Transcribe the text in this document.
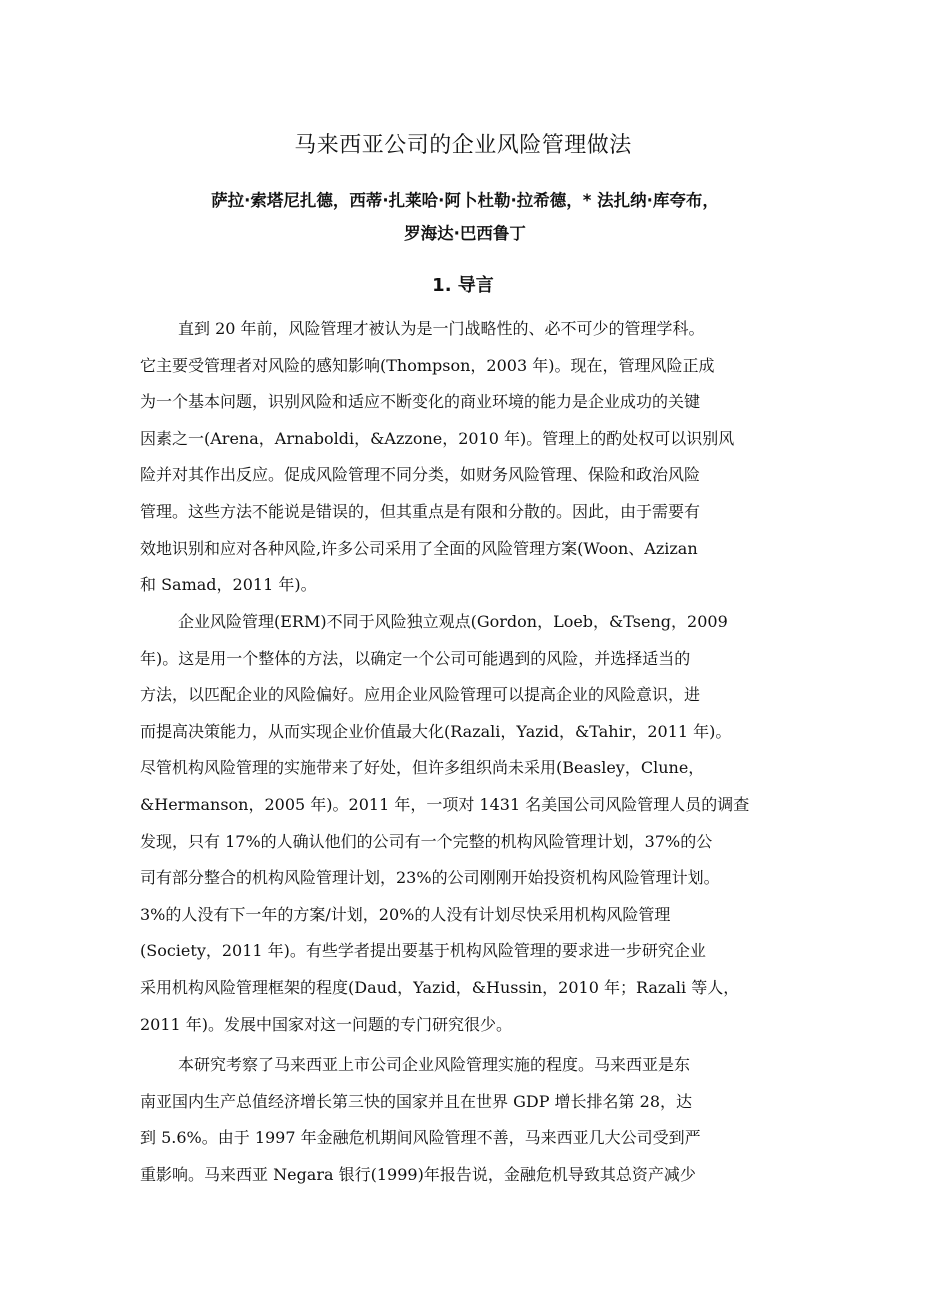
马来西亚公司的企业风险管理做法
萨拉·索塔尼扎德，西蒂·扎莱哈·阿卜杜勒·拉希德，* 法扎纳·库夸布，
罗海达·巴西鲁丁
1. 导言
直到 20 年前，风险管理才被认为是一门战略性的、必不可少的管理学科。
它主要受管理者对风险的感知影响(Thompson，2003 年)。现在，管理风险正成
为一个基本问题，识别风险和适应不断变化的商业环境的能力是企业成功的关键
因素之一(Arena，Arnaboldi，&Azzone，2010 年)。管理上的酌处权可以识别风
险并对其作出反应。促成风险管理不同分类，如财务风险管理、保险和政治风险
管理。这些方法不能说是错误的，但其重点是有限和分散的。因此，由于需要有
效地识别和应对各种风险,许多公司采用了全面的风险管理方案(Woon、Azizan
和 Samad，2011 年)。
企业风险管理(ERM)不同于风险独立观点(Gordon，Loeb，&Tseng，2009
年)。这是用一个整体的方法，以确定一个公司可能遇到的风险，并选择适当的
方法，以匹配企业的风险偏好。应用企业风险管理可以提高企业的风险意识，进
而提高决策能力，从而实现企业价值最大化(Razali，Yazid，&Tahir，2011 年)。
尽管机构风险管理的实施带来了好处，但许多组织尚未采用(Beasley，Clune，
&Hermanson，2005 年)。2011 年，一项对 1431 名美国公司风险管理人员的调查
发现，只有 17%的人确认他们的公司有一个完整的机构风险管理计划，37%的公
司有部分整合的机构风险管理计划，23%的公司刚刚开始投资机构风险管理计划。
3%的人没有下一年的方案/计划，20%的人没有计划尽快采用机构风险管理
(Society，2011 年)。有些学者提出要基于机构风险管理的要求进一步研究企业
采用机构风险管理框架的程度(Daud，Yazid，&Hussin，2010 年；Razali 等人，
2011 年)。发展中国家对这一问题的专门研究很少。
本研究考察了马来西亚上市公司企业风险管理实施的程度。马来西亚是东
南亚国内生产总值经济增长第三快的国家并且在世界 GDP 增长排名第 28，达
到 5.6%。由于 1997 年金融危机期间风险管理不善，马来西亚几大公司受到严
重影响。马来西亚 Negara 银行(1999)年报告说，金融危机导致其总资产减少
